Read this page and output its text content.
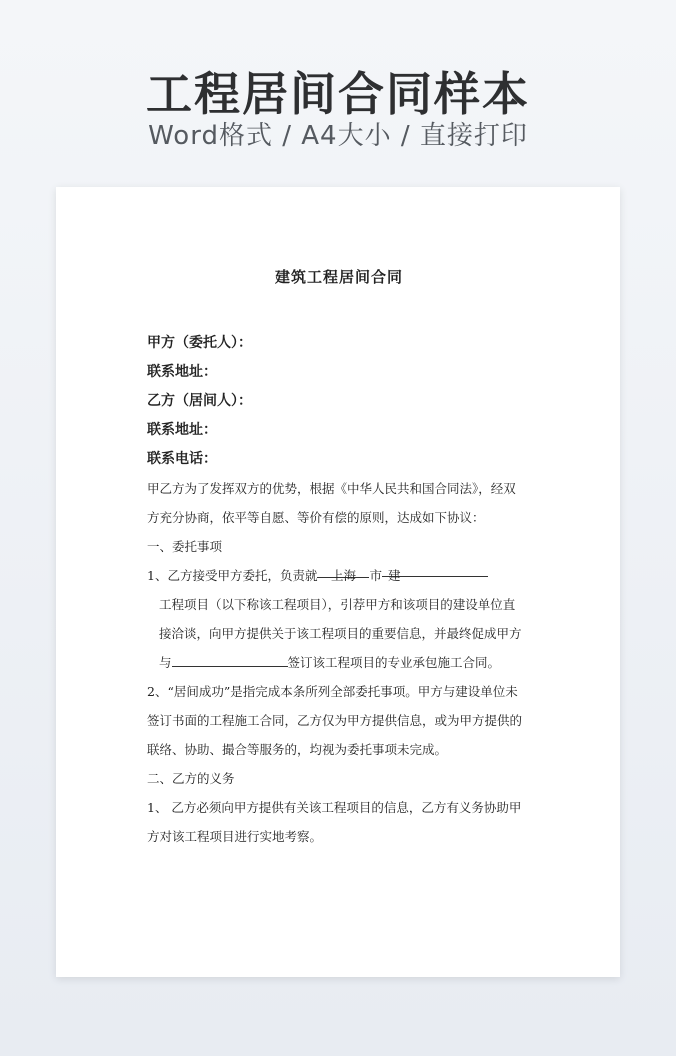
工程居间合同样本
Word格式 / A4大小 / 直接打印
建筑工程居间合同
甲方（委托人）：
联系地址：
乙方（居间人）：
联系地址：
联系电话：

甲乙方为了发挥双方的优势，根据《中华人民共和国合同法》，经双

方充分协商，依平等自愿、等价有偿的原则，达成如下协议：

一、委托事项

1、乙方接受甲方委托，负责就 上海 市 建

工程项目（以下称该工程项目），引荐甲方和该项目的建设单位直

接洽谈，向甲方提供关于该工程项目的重要信息，并最终促成甲方

与	签订该工程项目的专业承包施工合同。

2、“居间成功”是指完成本条所列全部委托事项。甲方与建设单位未

签订书面的工程施工合同，乙方仅为甲方提供信息，或为甲方提供的

联络、协助、撮合等服务的，均视为委托事项未完成。

二、乙方的义务

1、 乙方必须向甲方提供有关该工程项目的信息，乙方有义务协助甲

方对该工程项目进行实地考察。
